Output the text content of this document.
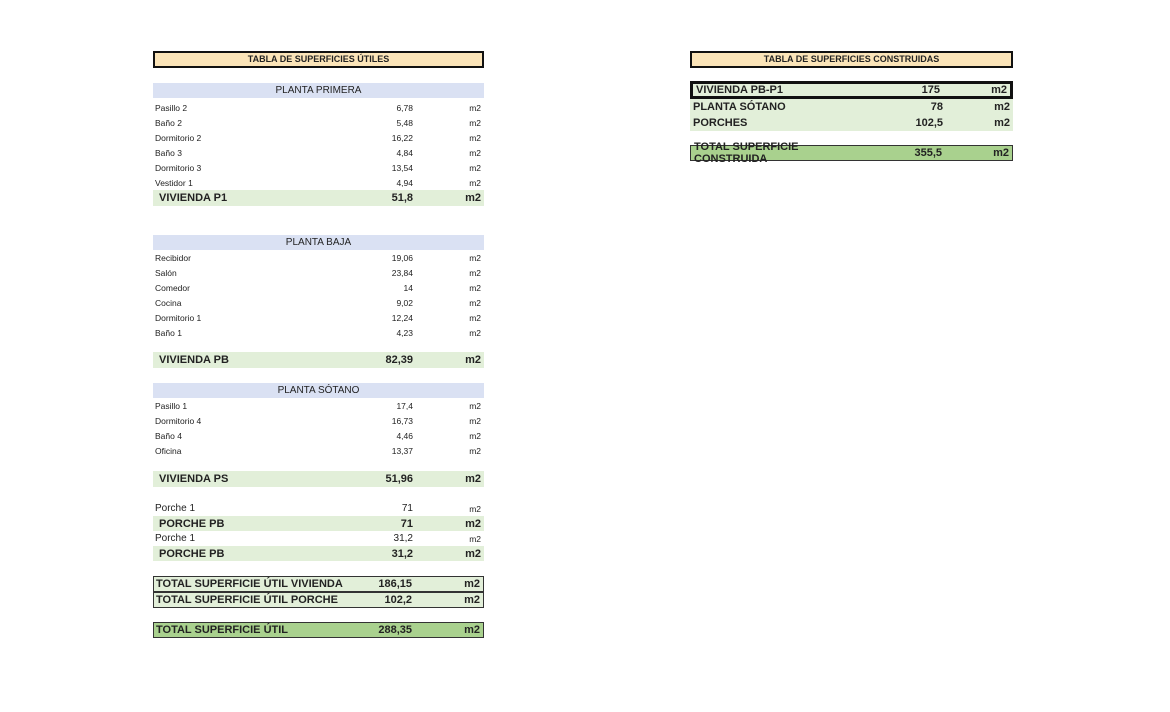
TABLA DE SUPERFICIES ÚTILES
PLANTA PRIMERA
Pasillo 2	6,78	m2
Baño 2	5,48	m2
Dormitorio 2	16,22	m2
Baño 3	4,84	m2
Dormitorio 3	13,54	m2
Vestidor 1	4,94	m2
VIVIENDA P1	51,8	m2
PLANTA BAJA
Recibidor	19,06	m2
Salón	23,84	m2
Comedor	14	m2
Cocina	9,02	m2
Dormitorio 1	12,24	m2
Baño 1	4,23	m2
VIVIENDA PB	82,39	m2
PLANTA SÓTANO
Pasillo 1	17,4	m2
Dormitorio 4	16,73	m2
Baño 4	4,46	m2
Oficina	13,37	m2
VIVIENDA PS	51,96	m2
Porche 1	71	m2
PORCHE PB	71	m2
Porche 1	31,2	m2
PORCHE PB	31,2	m2
TOTAL SUPERFICIE ÚTIL VIVIENDA	186,15	m2
TOTAL SUPERFICIE ÚTIL PORCHE	102,2	m2
TOTAL SUPERFICIE ÚTIL	288,35	m2
TABLA DE SUPERFICIES CONSTRUIDAS
VIVIENDA PB-P1	175	m2
PLANTA SÓTANO	78	m2
PORCHES	102,5	m2
TOTAL SUPERFICIE CONSTRUIDA	355,5	m2
